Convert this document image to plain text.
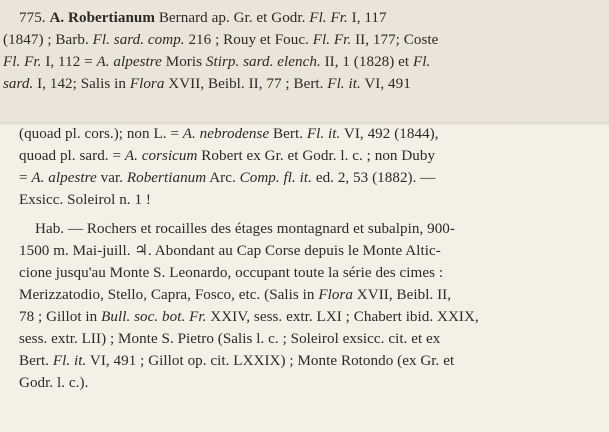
775. A. Robertianum Bernard ap. Gr. et Godr. Fl. Fr. I, 117
(1847) ; Barb. Fl. sard. comp. 216 ; Rouy et Fouc. Fl. Fr. II, 177; Coste
Fl. Fr. I, 112 = A. alpestre Moris Stirp. sard. elench. II, 1 (1828) et Fl.
sard. I, 142; Salis in Flora XVII, Beibl. II, 77 ; Bert. Fl. it. VI, 491
(quoad pl. cors.); non L. = A. nebrodense Bert. Fl. it. VI, 492 (1844),
quoad pl. sard. = A. corsicum Robert ex Gr. et Godr. l. c. ; non Duby
= A. alpestre var. Robertianum Arc. Comp. fl. it. ed. 2, 53 (1882). —
Exsicc. Soleirol n. 1 !
Hab. — Rochers et rocailles des étages montagnard et subalpin, 900-
1500 m. Mai-juill. ♃. Abondant au Cap Corse depuis le Monte Altic-
cione jusqu'au Monte S. Leonardo, occupant toute la série des cimes :
Merizzatodio, Stello, Capra, Fosco, etc. (Salis in Flora XVII, Beibl. II,
78 ; Gillot in Bull. soc. bot. Fr. XXIV, sess. extr. LXI ; Chabert ibid. XXIX,
sess. extr. LII) ; Monte S. Pietro (Salis l. c. ; Soleirol exsicc. cit. et ex
Bert. Fl. it. VI, 491 ; Gillot op. cit. LXXIX) ; Monte Rotondo (ex Gr. et
Godr. l. c.).
